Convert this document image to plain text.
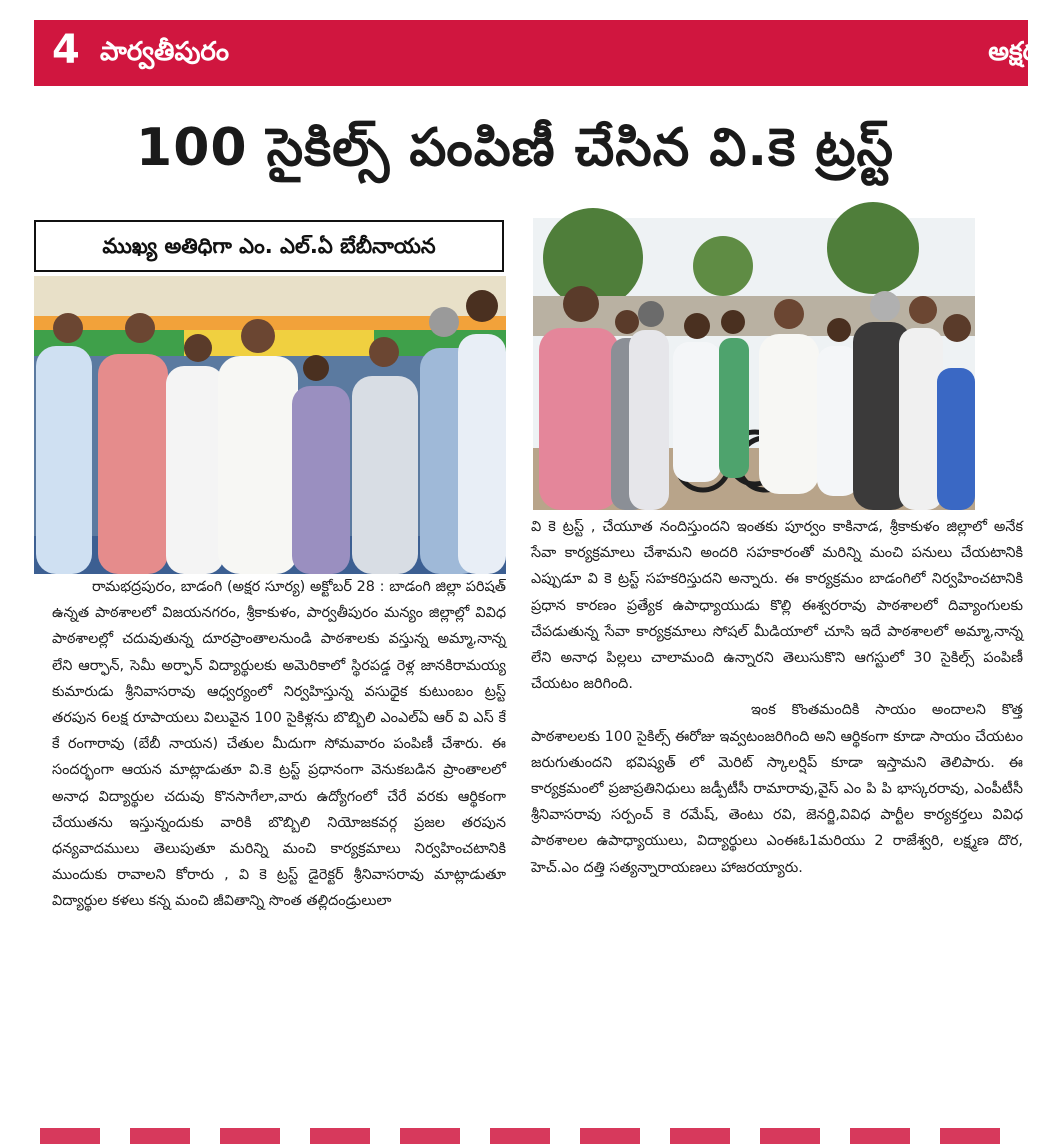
4 పార్వతీపురం	అక్షర
100 సైకిల్స్ పంపిణీ చేసిన వి.కె ట్రస్ట్
ముఖ్య అతిధిగా ఎం. ఎల్.ఏ బేబీనాయన

రామభద్రపురం, బాడంగి (అక్షర సూర్య) అక్టోబర్ 28 : బాడంగి జిల్లా పరిషత్ ఉన్నత పాఠశాలలో విజయనగరం, శ్రీకాకుళం, పార్వతీపురం మన్యం జిల్లాల్లో వివిధ పాఠశాలల్లో చదువుతున్న దూరప్రాంతాలనుండి పాఠశాలకు వస్తున్న అమ్మా,నాన్న లేని ఆర్ఫాన్, సెమీ అర్ఫాన్ విద్యార్థులకు అమెరికాలో స్థిరపడ్డ రెళ్ల జానకిరామయ్య కుమారుడు శ్రీనివాసరావు ఆధ్వర్యంలో నిర్వహిస్తున్న వసుధైక కుటుంబం ట్రస్ట్ తరపున 6లక్ష రూపాయలు విలువైన 100 సైకిళ్లను బొబ్బిలి ఎంఎల్ఏ ఆర్ వి ఎస్ కే కే రంగారావు (బేబీ నాయన) చేతుల మీదుగా సోమవారం పంపిణీ చేశారు. ఈ సందర్భంగా ఆయన మాట్లాడుతూ వి.కె ట్రస్ట్ ప్రధానంగా వెనుకబడిన ప్రాంతాలలో అనాధ విద్యార్థుల చదువు కొనసాగేలా,వారు ఉద్యోగంలో చేరే వరకు ఆర్థికంగా చేయుతను ఇస్తున్నందుకు వారికి బొబ్బిలి నియోజకవర్గ ప్రజల తరపున ధన్యవాదములు తెలుపుతూ మరిన్ని మంచి కార్యక్రమాలు నిర్వహించటానికి ముందుకు రావాలని కోరారు , వి కె ట్రస్ట్ డైరెక్టర్ శ్రీనివాసరావు మాట్లాడుతూ విద్యార్థుల కళలు కన్న మంచి జీవితాన్ని సొంత తల్లిదండ్రులులా

వి కె ట్రస్ట్ , చేయూత నందిస్తుందని ఇంతకు పూర్వం కాకినాడ, శ్రీకాకుళం జిల్లాలో అనేక సేవా కార్యక్రమాలు చేశామని అందరి సహకారంతో మరిన్ని మంచి పనులు చేయటానికి ఎప్పుడూ వి కె ట్రస్ట్ సహకరిస్తుదని అన్నారు. ఈ కార్యక్రమం బాడంగిలో నిర్వహించటానికి ప్రధాన కారణం ప్రత్యేక ఉపాధ్యాయుడు కొల్లి ఈశ్వరరావు పాఠశాలలో దివ్యాంగులకు చేపడుతున్న సేవా కార్యక్రమాలు సోషల్ మీడియాలో చూసి ఇదే పాఠశాలలో అమ్మా,నాన్న లేని అనాధ పిల్లలు చాలామంది ఉన్నారని తెలుసుకొని ఆగస్టులో 30 సైకిల్స్ పంపిణీ చేయటం జరిగింది.

ఇంక కొంతమందికి సాయం అందాలని కొత్త పాఠశాలలకు 100 సైకిల్స్ ఈరోజు ఇవ్వటంజరిగింది అని ఆర్థికంగా కూడా సాయం చేయటం జరుగుతుందని భవిష్యత్ లో మెరిట్ స్కాలర్షిప్ కూడా ఇస్తామని తెలిపారు. ఈ కార్యక్రమంలో ప్రజాప్రతినిధులు జడ్పీటీసీ రామారావు,వైస్ ఎం పి పి భాస్కరరావు, ఎంపీటీసీ శ్రీనివాసరావు సర్పంచ్ కె రమేష్, తెంటు రవి, జెనర్జి,వివిధ పార్టీల కార్యకర్తలు వివిధ పాఠశాలల ఉపాధ్యాయులు, విద్యార్థులు ఎంఈఓ1మరియు 2 రాజేశ్వరి, లక్ష్మణ దొర, హెచ్.ఎం దత్తి సత్యన్నారాయణలు హాజరయ్యారు.
